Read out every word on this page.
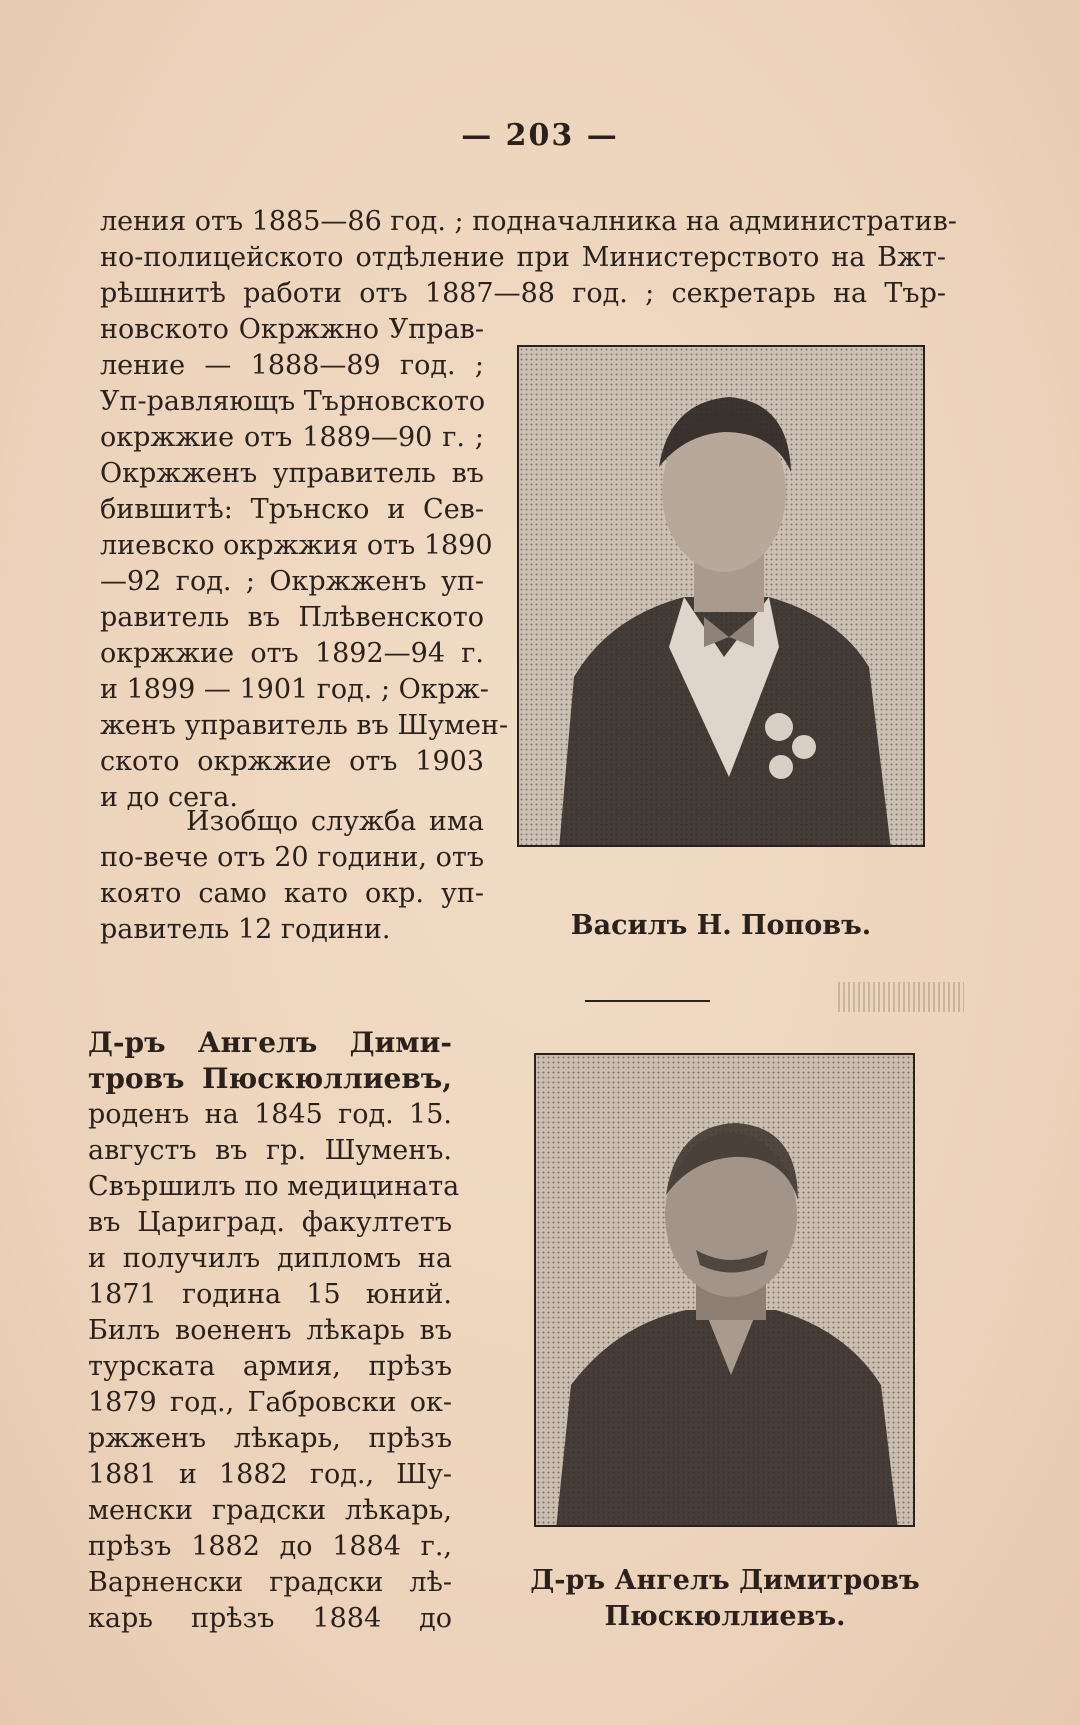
— 203 —
ления отъ 1885—86 год. ; подначалника на административ-
но-полицейското отдѣление при Министерството на Вжт-
рѣшнитѣ работи отъ 1887—88 год. ; секретарь на Тър-
новското Окржжно Управ-
ление — 1888—89 год. ;
Уп-равляющъ Търновското
окржжие отъ 1889—90 г. ;
Окржженъ управитель въ
бившитѣ: Трънско и Сев-
лиевско окржжия отъ 1890
—92 год. ; Окржженъ уп-
равитель въ Плѣвенското
окржжие отъ 1892—94 г.
и 1899 — 1901 год. ; Окрж-
женъ управитель въ Шумен-
ското окржжие отъ 1903
и до сега.
Изобщо служба има
по-вече отъ 20 години, отъ
която само като окр. уп-
равитель 12 години.	Василъ Н. Поповъ.
Д-ръ Ангелъ Дими-
тровъ Пюскюллиевъ,
роденъ на 1845 год. 15.
августъ въ гр. Шуменъ.
Свършилъ по медицината
въ Цариград. факултетъ
и получилъ дипломъ на
1871 година 15 юний.
Билъ воененъ лѣкарь въ
турската армия, прѣзъ
1879 год., Габровски ок-
ржженъ лѣкарь, прѣзъ
1881 и 1882 год., Шу-
менски градски лѣкарь,
прѣзъ 1882 до 1884 г.,
Варненски градски лѣ-
карь прѣзъ 1884 до
Д-ръ Ангелъ Димитровъ
Пюскюллиевъ.
